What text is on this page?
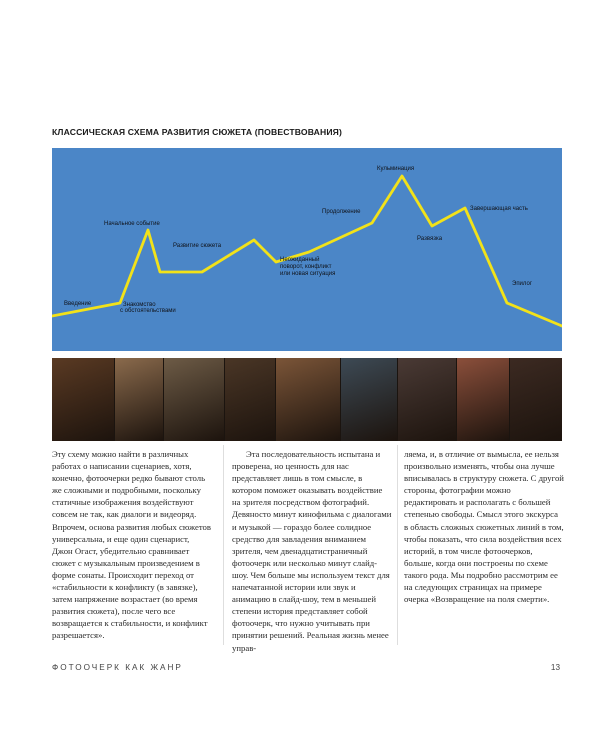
КЛАССИЧЕСКАЯ СХЕМА РАЗВИТИЯ СЮЖЕТА (ПОВЕСТВОВАНИЯ)
Введение	Знакомство
с обстоятельствами
Начальное событие
Развитие сюжета
Неожиданный
поворот, конфликт
или новая ситуация
Продолжение
Кульминация
Развязка
Завершающая часть
Эпилог

Эту схему можно найти в различных работах о написании сценариев, хотя, конечно, фотоочерки редко бывают столь же сложными и подробными, поскольку статичные изображения воздействуют совсем не так, как диалоги и видеоряд. Впрочем, основа развития любых сюжетов универсальна, и еще один сценарист, Джон Огаст, убедительно сравнивает сюжет с музыкальным произведением в форме сонаты. Происходит переход от «стабильности к конфликту (в завязке), затем напряжение возрастает (во время развития сюжета), после чего все возвращается к стабильности, и конфликт разрешается».

Эта последовательность испытана и проверена, но ценность для нас представляет лишь в том смысле, в котором поможет оказывать воздействие на зрителя посредством фотографий. Девяносто минут кинофильма с диалогами и музыкой — гораздо более солидное средство для завладения вниманием зрителя, чем двенадцатистраничный фотоочерк или несколько минут слайд-шоу. Чем больше мы используем текст для напечатанной истории или звук и анимацию в слайд-шоу, тем в меньшей степени история представляет собой фотоочерк, что нужно учитывать при принятии решений. Реальная жизнь менее управ-

ляема, и, в отличие от вымысла, ее нельзя произвольно изменять, чтобы она лучше вписывалась в структуру сюжета. С другой стороны, фотографии можно редактировать и располагать с большей степенью свободы. Смысл этого экскурса в область сложных сюжетных линий в том, чтобы показать, что сила воздействия всех историй, в том числе фотоочерков, больше, когда они построены по схеме такого рода. Мы подробно рассмотрим ее на следующих страницах на примере очерка «Возвращение на поля смерти».

ФОТООЧЕРК КАК ЖАНР	13
